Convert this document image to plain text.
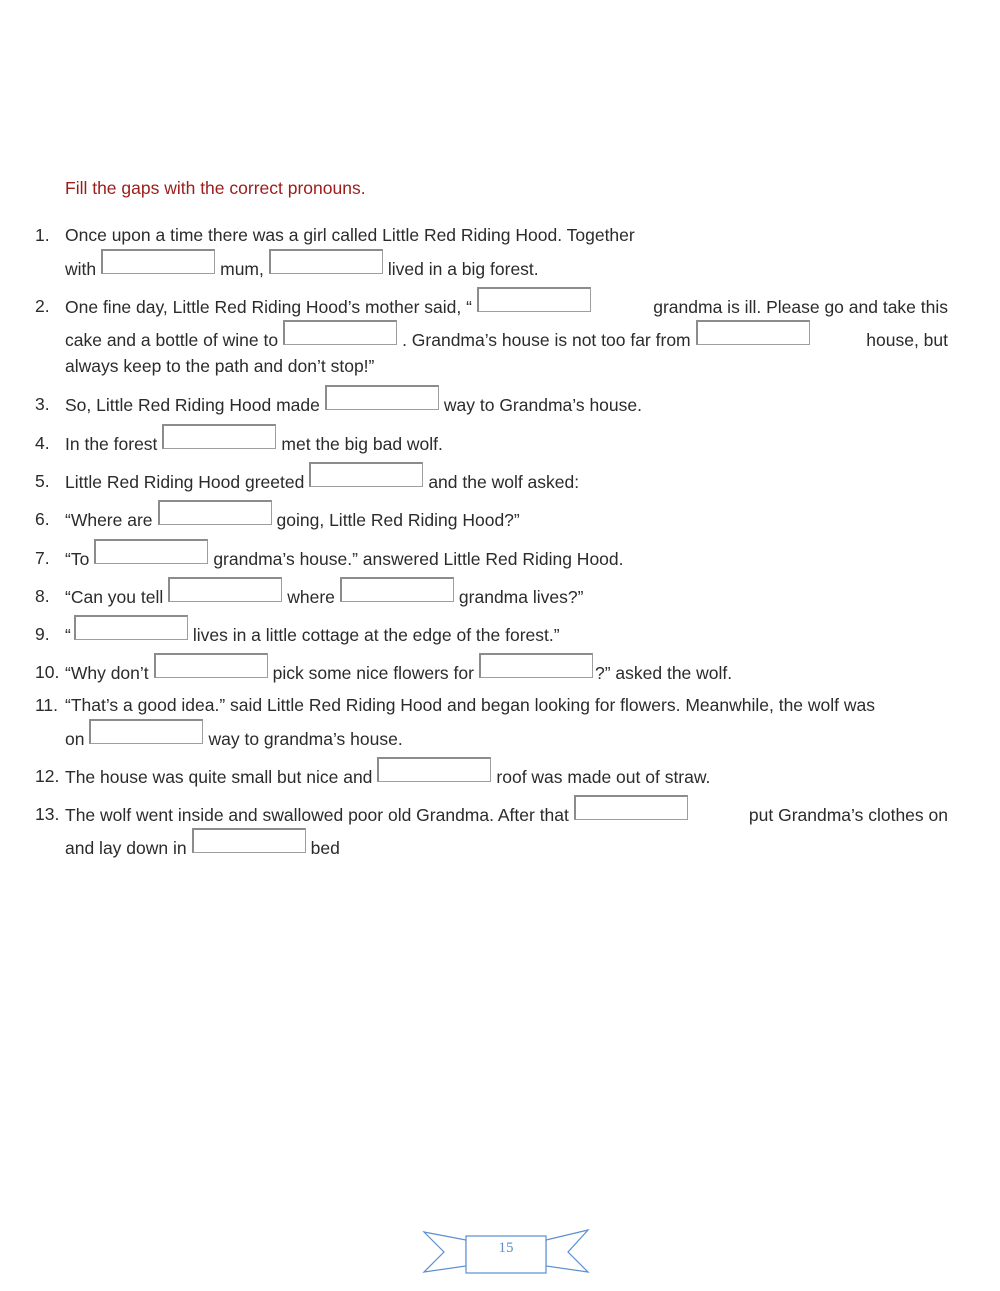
Fill the gaps with the correct pronouns.

1. Once upon a time there was a girl called Little Red Riding Hood. Together
with	mum,	lived in a big forest.
2. One fine day, Little Red Riding Hood’s mother said, “	grandma is ill. Please go and take this
cake and a bottle of wine to	. Grandma’s house is not too far from	house, but
always keep to the path and don’t stop!”
3. So, Little Red Riding Hood made	way to Grandma’s house.
4. In the forest	met the big bad wolf.
5. Little Red Riding Hood greeted	and the wolf asked:
6. “Where are	going, Little Red Riding Hood?”
7. “To	grandma’s house.” answered Little Red Riding Hood.
8. “Can you tell	where	grandma lives?”
9. “	lives in a little cottage at the edge of the forest.”
10. “Why don’t	pick some nice flowers for	?” asked the wolf.
11. “That’s a good idea.” said Little Red Riding Hood and began looking for flowers. Meanwhile, the wolf was
on	way to grandma’s house.
12. The house was quite small but nice and	roof was made out of straw.
13. The wolf went inside and swallowed poor old Grandma. After that	put Grandma’s clothes on
and lay down in	bed
15
